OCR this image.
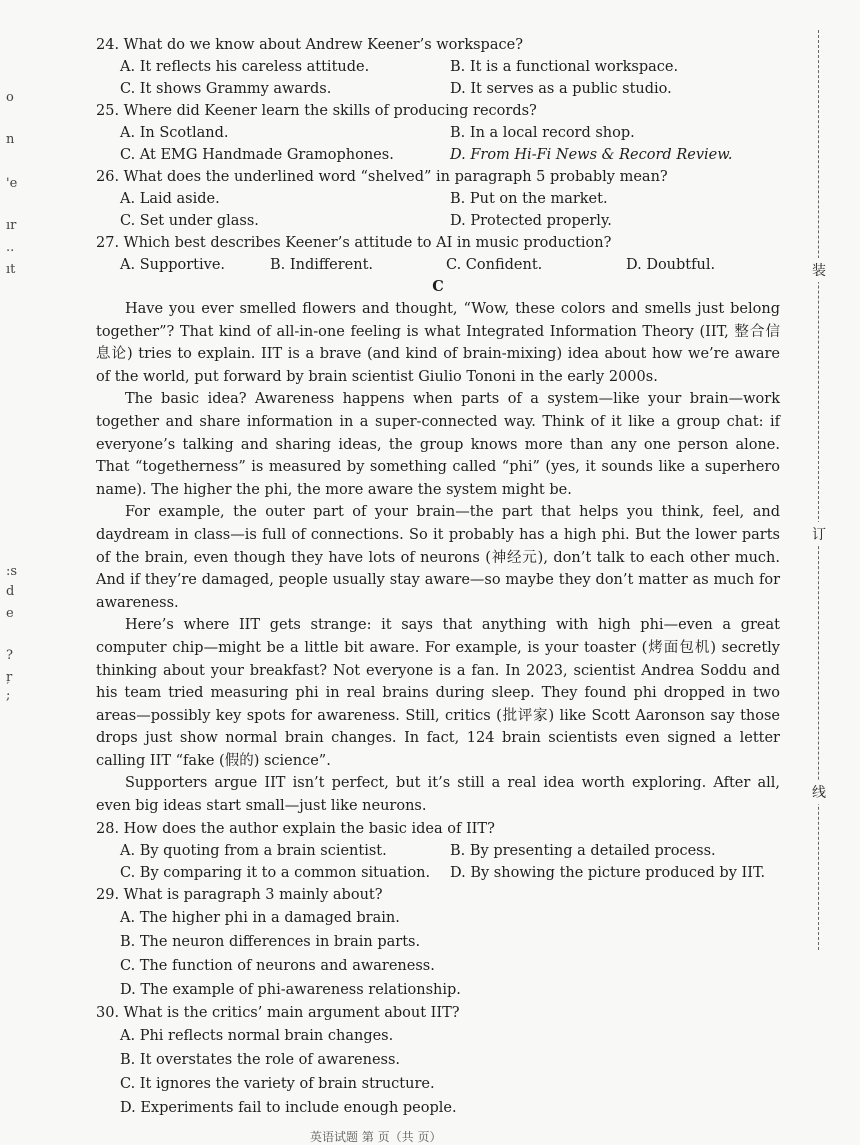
o
n
'e
ır
..
ıt
:s
d
e
?
ŗ
;
装
订
线

24. What do we know about Andrew Keener’s workspace?

A. It reflects his careless attitude.	B. It is a functional workspace.
C. It shows Grammy awards.	D. It serves as a public studio.

25. Where did Keener learn the skills of producing records?

A. In Scotland.	B. In a local record shop.
C. At EMG Handmade Gramophones.	D. From Hi-Fi News & Record Review.

26. What does the underlined word “shelved” in paragraph 5 probably mean?

A. Laid aside.	B. Put on the market.
C. Set under glass.	D. Protected properly.

27. Which best describes Keener’s attitude to AI in music production?

A. Supportive.	B. Indifferent.	C. Confident.	D. Doubtful.

C

Have you ever smelled flowers and thought, “Wow, these colors and smells just belong together”? That kind of all-in-one feeling is what Integrated Information Theory (IIT, 整合信息论) tries to explain. IIT is a brave (and kind of brain-mixing) idea about how we’re aware of the world, put forward by brain scientist Giulio Tononi in the early 2000s.

The basic idea? Awareness happens when parts of a system—like your brain—work together and share information in a super-connected way. Think of it like a group chat: if everyone’s talking and sharing ideas, the group knows more than any one person alone. That “togetherness” is measured by something called “phi” (yes, it sounds like a superhero name). The higher the phi, the more aware the system might be.

For example, the outer part of your brain—the part that helps you think, feel, and daydream in class—is full of connections. So it probably has a high phi. But the lower parts of the brain, even though they have lots of neurons (神经元), don’t talk to each other much. And if they’re damaged, people usually stay aware—so maybe they don’t matter as much for awareness.

Here’s where IIT gets strange: it says that anything with high phi—even a great computer chip—might be a little bit aware. For example, is your toaster (烤面包机) secretly thinking about your breakfast? Not everyone is a fan. In 2023, scientist Andrea Soddu and his team tried measuring phi in real brains during sleep. They found phi dropped in two areas—possibly key spots for awareness. Still, critics (批评家) like Scott Aaronson say those drops just show normal brain changes. In fact, 124 brain scientists even signed a letter calling IIT “fake (假的) science”.

Supporters argue IIT isn’t perfect, but it’s still a real idea worth exploring. After all, even big ideas start small—just like neurons.

28. How does the author explain the basic idea of IIT?

A. By quoting from a brain scientist.	B. By presenting a detailed process.
C. By comparing it to a common situation.	D. By showing the picture produced by IIT.

29. What is paragraph 3 mainly about?

A. The higher phi in a damaged brain.
B. The neuron differences in brain parts.
C. The function of neurons and awareness.
D. The example of phi-awareness relationship.

30. What is the critics’ main argument about IIT?

A. Phi reflects normal brain changes.
B. It overstates the role of awareness.
C. It ignores the variety of brain structure.
D. Experiments fail to include enough people.
英语试题 第 页（共 页）
